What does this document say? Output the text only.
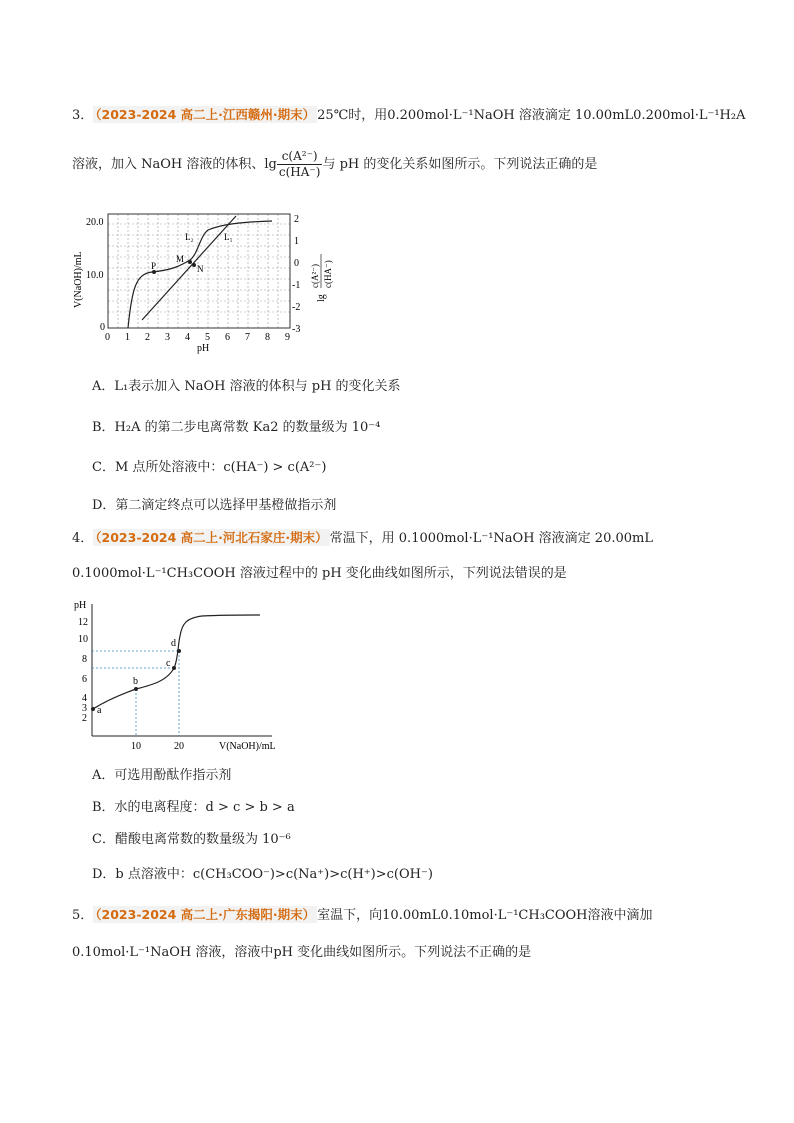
3． （2023-2024 高二上·江西赣州·期末） 25℃时，用0.200mol·L⁻¹NaOH 溶液滴定 10.00mL0.200mol·L⁻¹H₂A
溶液，加入 NaOH 溶液的体积、$\lg \frac{\text{c(A²⁻)}}{c(HA^-)}$ 与 pH 的变化关系如图所示。下列说法正确的是
P
M
N
L₂	L₁
20.0
10.0
0
V(NaOH)/mL
2
1
0
-1
-2
-3
lg
c(A²⁻) c(HA⁻)
0 1 2 3 4 5 6 7 8 9
pH
A．L₁表示加入 NaOH 溶液的体积与 pH 的变化关系
B．H₂A 的第二步电离常数 Ka2 的数量级为 10⁻⁴
C．M 点所处溶液中：c(HA⁻) > c(A²⁻)
D．第二滴定终点可以选择甲基橙做指示剂
4． （2023-2024 高二上·河北石家庄·期末） 常温下，用 0.1000mol·L⁻¹NaOH 溶液滴定 20.00mL
0.1000mol·L⁻¹CH₃COOH 溶液过程中的 pH 变化曲线如图所示，下列说法错误的是
pH
12
10
8
6
4
3
2
a
b
c
d
10	20	V(NaOH)/mL
A．可选用酚酞作指示剂
B．水的电离程度：d > c > b > a
C．醋酸电离常数的数量级为 10⁻⁶
D．b 点溶液中：c(CH₃COO⁻)>c(Na⁺)>c(H⁺)>c(OH⁻)
5． （2023-2024 高二上·广东揭阳·期末） 室温下，向10.00mL0.10mol·L⁻¹CH₃COOH溶液中滴加
0.10mol·L⁻¹NaOH 溶液，溶液中pH 变化曲线如图所示。下列说法不正确的是
